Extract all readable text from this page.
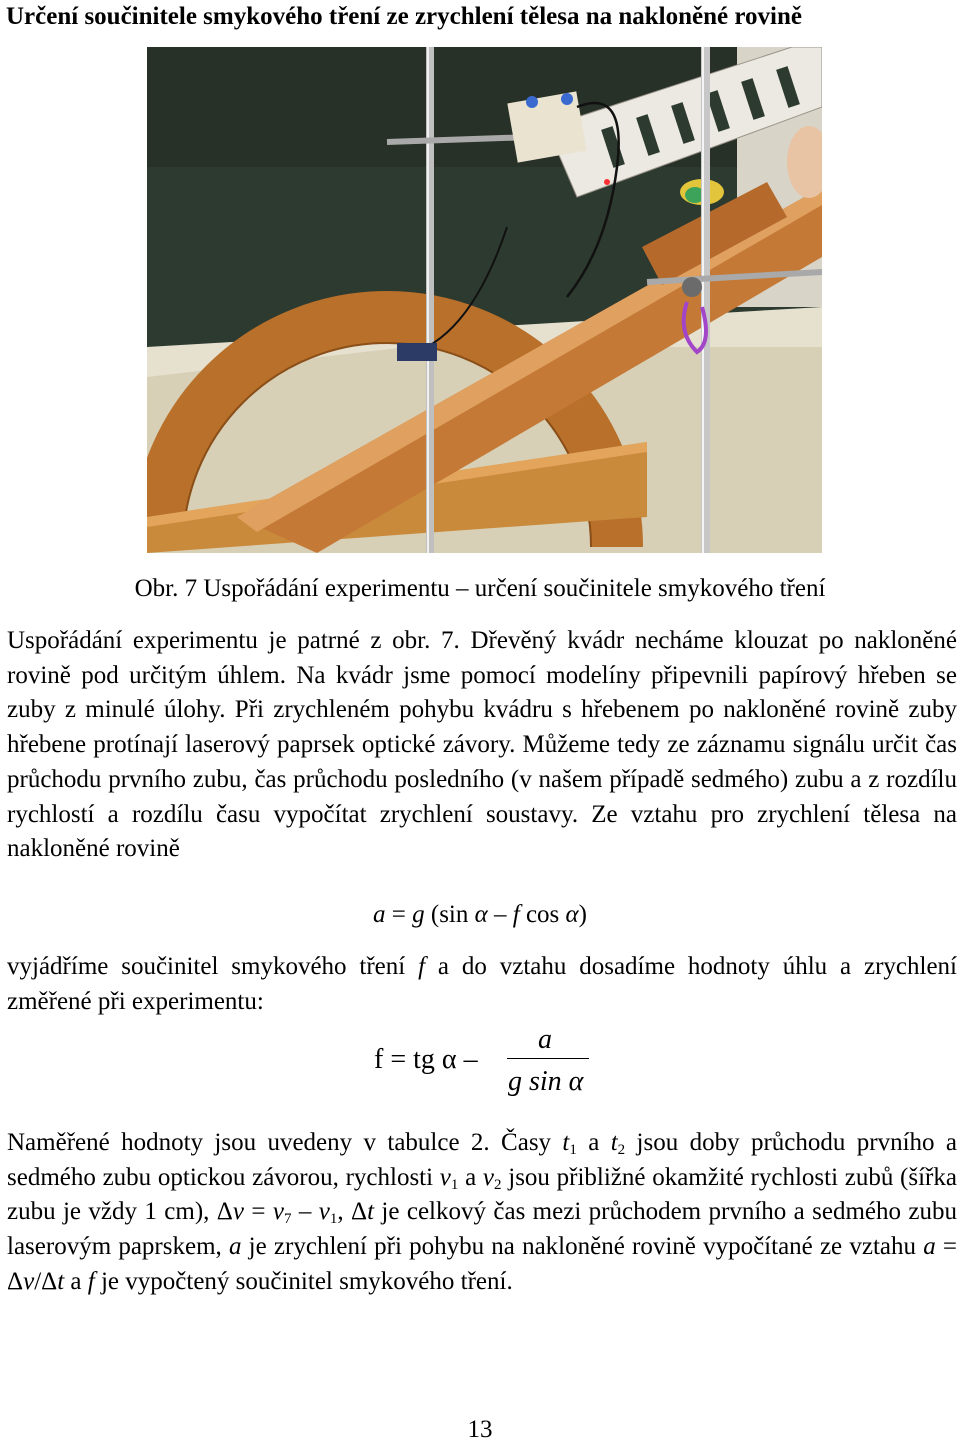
Určení součinitele smykového tření ze zrychlení tělesa na nakloněné rovině
Obr. 7 Uspořádání experimentu – určení součinitele smykového tření

Uspořádání experimentu je patrné z obr. 7. Dřevěný kvádr necháme klouzat po nakloněné rovině pod určitým úhlem. Na kvádr jsme pomocí modelíny připevnili papírový hřeben se zuby z minulé úlohy. Při zrychleném pohybu kvádru s hřebenem po nakloněné rovině zuby hřebene protínají laserový paprsek optické závory. Můžeme tedy ze záznamu signálu určit čas průchodu prvního zubu, čas průchodu posledního (v našem případě sedmého) zubu a z rozdílu rychlostí a rozdílu času vypočítat zrychlení soustavy. Ze vztahu pro zrychlení tělesa na nakloněné rovině

a = g (sin α – f cos α)

vyjádříme součinitel smykového tření f a do vztahu dosadíme hodnoty úhlu a zrychlení změřené při experimentu:

f = tg α –
a
g sin α

Naměřené hodnoty jsou uvedeny v tabulce 2. Časy $t_1$ a $t_2$ jsou doby průchodu prvního a sedmého zubu optickou závorou, rychlosti $v_1$ a $v_2$ jsou přibližné okamžité rychlosti zubů (šířka zubu je vždy 1 cm), $\Delta v = v_7 - v_1$, Δt je celkový čas mezi průchodem prvního a sedmého zubu laserovým paprskem, a je zrychlení při pohybu na nakloněné rovině vypočítané ze vztahu a = Δv/Δt a f je vypočtený součinitel smykového tření.

13
